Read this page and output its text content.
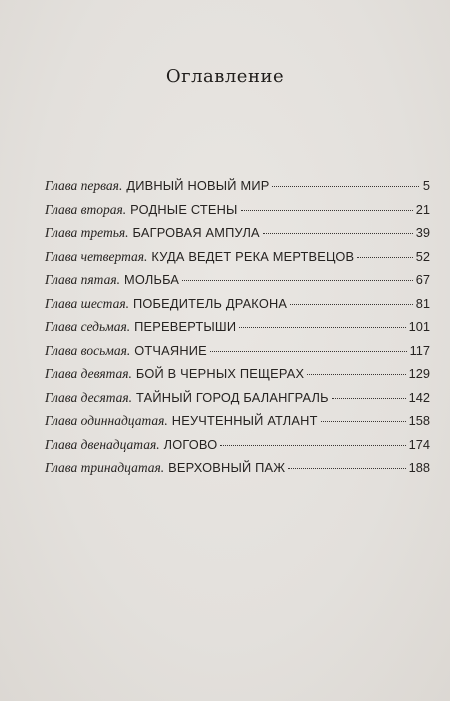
Оглавление
Глава первая. ДИВНЫЙ НОВЫЙ МИР	5
Глава вторая. РОДНЫЕ СТЕНЫ	21
Глава третья. БАГРОВАЯ АМПУЛА	39
Глава четвертая. КУДА ВЕДЕТ РЕКА МЕРТВЕЦОВ	52
Глава пятая. МОЛЬБА	67
Глава шестая. ПОБЕДИТЕЛЬ ДРАКОНА	81
Глава седьмая. ПЕРЕВЕРТЫШИ	101
Глава восьмая. ОТЧАЯНИЕ	117
Глава девятая. БОЙ В ЧЕРНЫХ ПЕЩЕРАХ	129
Глава десятая. ТАЙНЫЙ ГОРОД БАЛАНГРАЛЬ	142
Глава одиннадцатая. НЕУЧТЕННЫЙ АТЛАНТ	158
Глава двенадцатая. ЛОГОВО	174
Глава тринадцатая. ВЕРХОВНЫЙ ПАЖ	188
